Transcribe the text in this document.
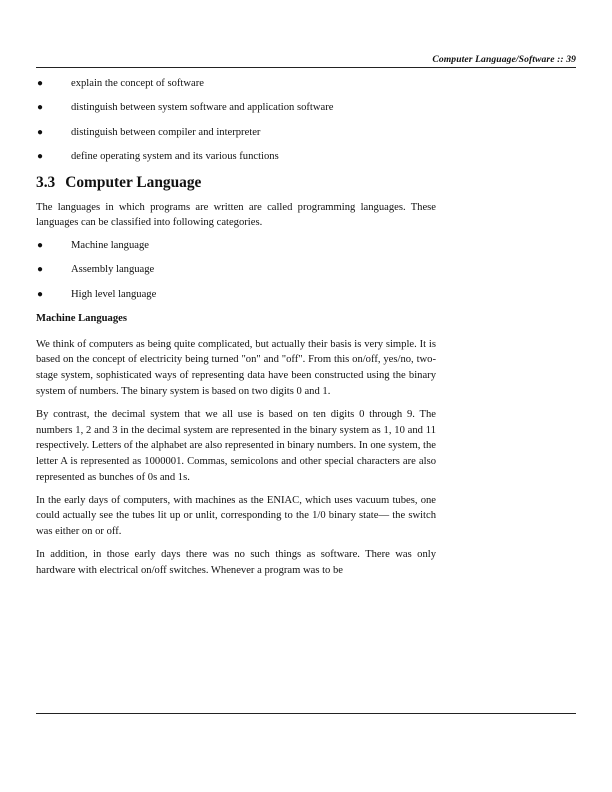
Computer Language/Software :: 39
●	explain the concept of software
●	distinguish between system software and application software
●	distinguish between compiler and interpreter
●	define operating system and its various functions
3.3 Computer Language

The languages in which programs are written are called programming languages. These languages can be classified into following categories.

●	Machine language
●	Assembly language
●	High level language
Machine Languages

We think of computers as being quite complicated, but actually their basis is very simple. It is based on the concept of electricity being turned "on" and "off". From this on/off, yes/no, two-stage system, sophisticated ways of representing data have been constructed using the binary system of numbers. The binary system is based on two digits 0 and 1.

By contrast, the decimal system that we all use is based on ten digits 0 through 9. The numbers 1, 2 and 3 in the decimal system are represented in the binary system as 1, 10 and 11 respectively. Letters of the alphabet are also represented in binary numbers. In one system, the letter A is represented as 1000001. Commas, semicolons and other special characters are also represented as bunches of 0s and 1s.

In the early days of computers, with machines as the ENIAC, which uses vacuum tubes, one could actually see the tubes lit up or unlit, corresponding to the 1/0 binary state— the switch was either on or off.

In addition, in those early days there was no such things as software. There was only hardware with electrical on/off switches. Whenever a program was to be
